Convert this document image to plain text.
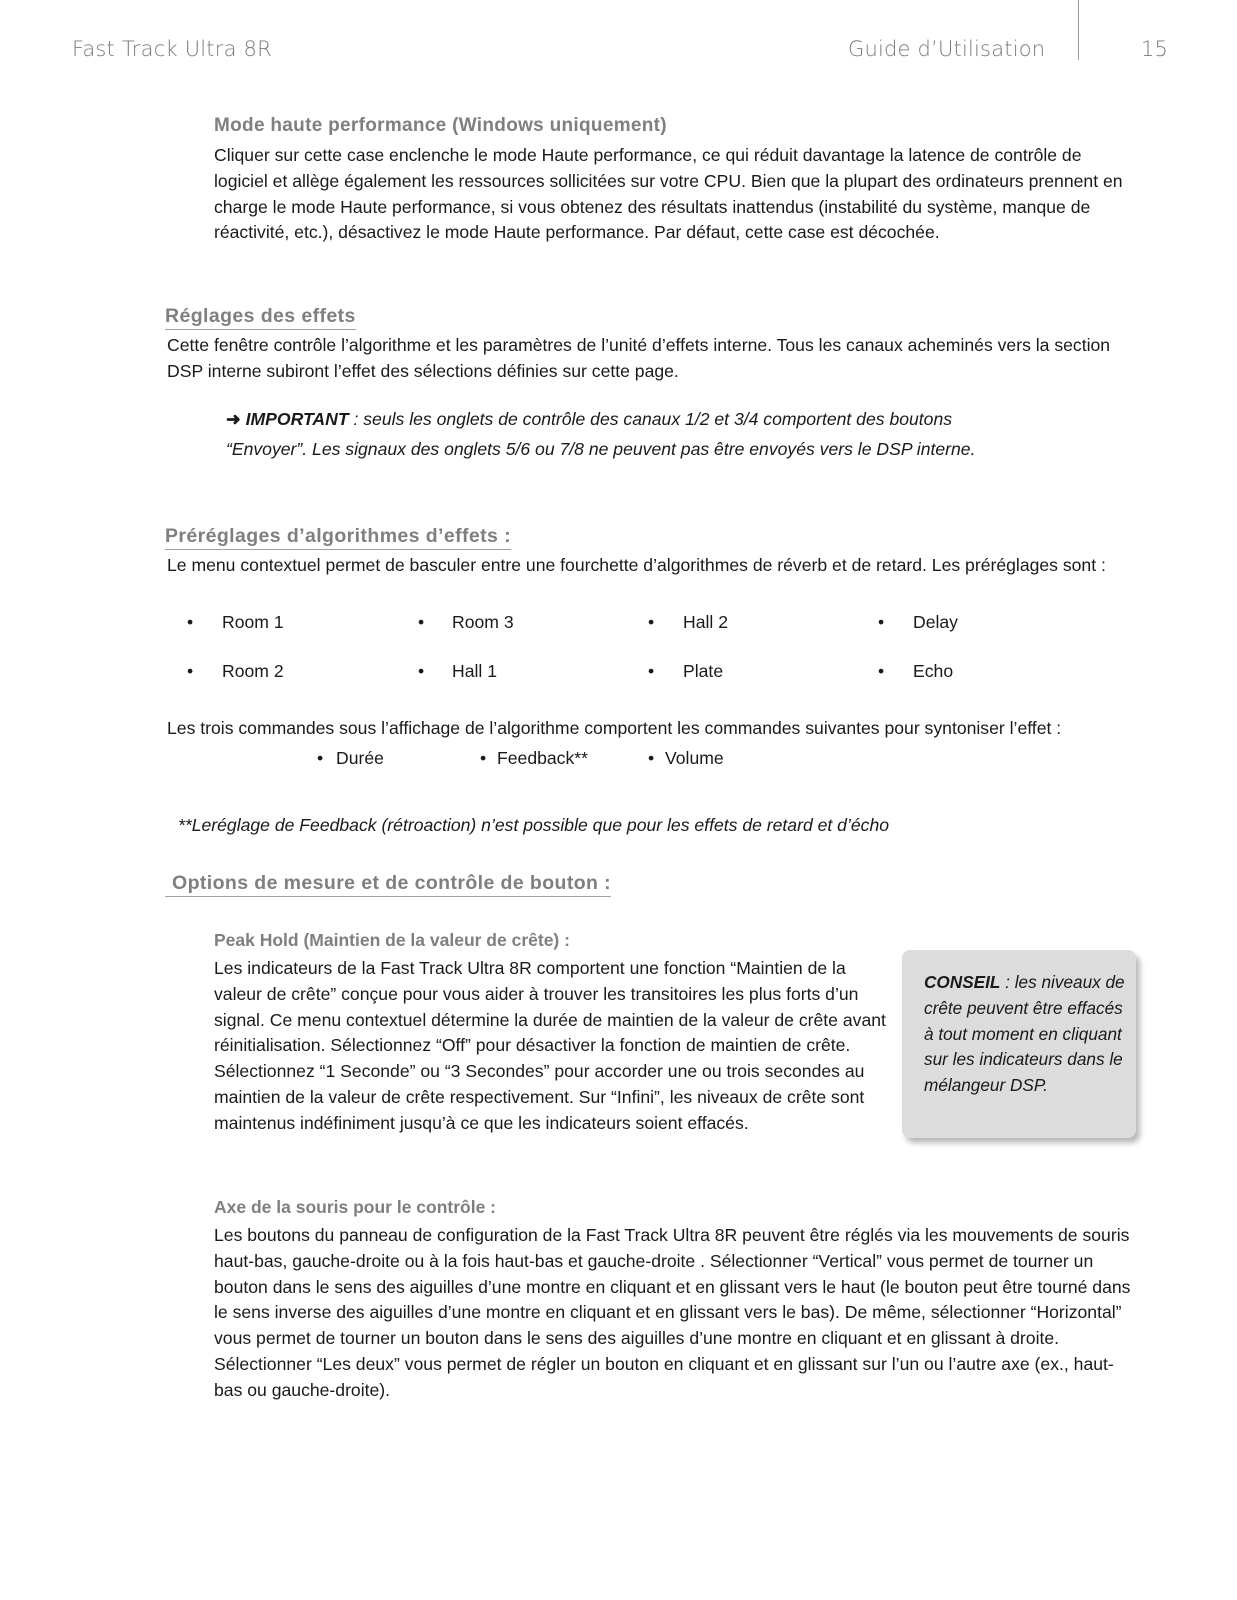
Fast Track Ultra 8R	Guide d’Utilisation	15
Mode haute performance (Windows uniquement)

Cliquer sur cette case enclenche le mode Haute performance, ce qui réduit davantage la latence de contrôle de logiciel et allège également les ressources sollicitées sur votre CPU. Bien que la plupart des ordinateurs prennent en charge le mode Haute performance, si vous obtenez des résultats inattendus (instabilité du système, manque de réactivité, etc.), désactivez le mode Haute performance. Par défaut, cette case est décochée.

Réglages des effets

Cette fenêtre contrôle l’algorithme et les paramètres de l’unité d’effets interne. Tous les canaux acheminés vers la section DSP interne subiront l’effet des sélections définies sur cette page.

➜ IMPORTANT : seuls les onglets de contrôle des canaux 1/2 et 3/4 comportent des boutons “Envoyer”. Les signaux des onglets 5/6 ou 7/8 ne peuvent pas être envoyés vers le DSP interne.

Préréglages d’algorithmes d’effets :

Le menu contextuel permet de basculer entre une fourchette d’algorithmes de réverb et de retard. Les préréglages sont :

• Room 1	• Room 3	• Hall 2	• Delay
• Room 2	• Hall 1	• Plate	• Echo

Les trois commandes sous l’affichage de l’algorithme comportent les commandes suivantes pour syntoniser l’effet :

• Durée	• Feedback**	• Volume

**Leréglage de Feedback (rétroaction) n’est possible que pour les effets de retard et d’écho

Options de mesure et de contrôle de bouton :
Peak Hold (Maintien de la valeur de crête) :

Les indicateurs de la Fast Track Ultra 8R comportent une fonction “Maintien de la valeur de crête” conçue pour vous aider à trouver les transitoires les plus forts d’un signal. Ce menu contextuel détermine la durée de maintien de la valeur de crête avant réinitialisation. Sélectionnez “Off” pour désactiver la fonction de maintien de crête. Sélectionnez “1 Seconde” ou “3 Secondes” pour accorder une ou trois secondes au maintien de la valeur de crête respectivement. Sur “Infini”, les niveaux de crête sont maintenus indéfiniment jusqu’à ce que les indicateurs soient effacés.

CONSEIL : les niveaux de crête peuvent être effacés à tout moment en cliquant sur les indicateurs dans le mélangeur DSP.

Axe de la souris pour le contrôle :

Les boutons du panneau de configuration de la Fast Track Ultra 8R peuvent être réglés via les mouvements de souris haut-bas, gauche-droite ou à la fois haut-bas et gauche-droite . Sélectionner “Vertical” vous permet de tourner un bouton dans le sens des aiguilles d’une montre en cliquant et en glissant vers le haut (le bouton peut être tourné dans le sens inverse des aiguilles d’une montre en cliquant et en glissant vers le bas). De même, sélectionner “Horizontal” vous permet de tourner un bouton dans le sens des aiguilles d’une montre en cliquant et en glissant à droite. Sélectionner “Les deux” vous permet de régler un bouton en cliquant et en glissant sur l’un ou l’autre axe (ex., haut-bas ou gauche-droite).
